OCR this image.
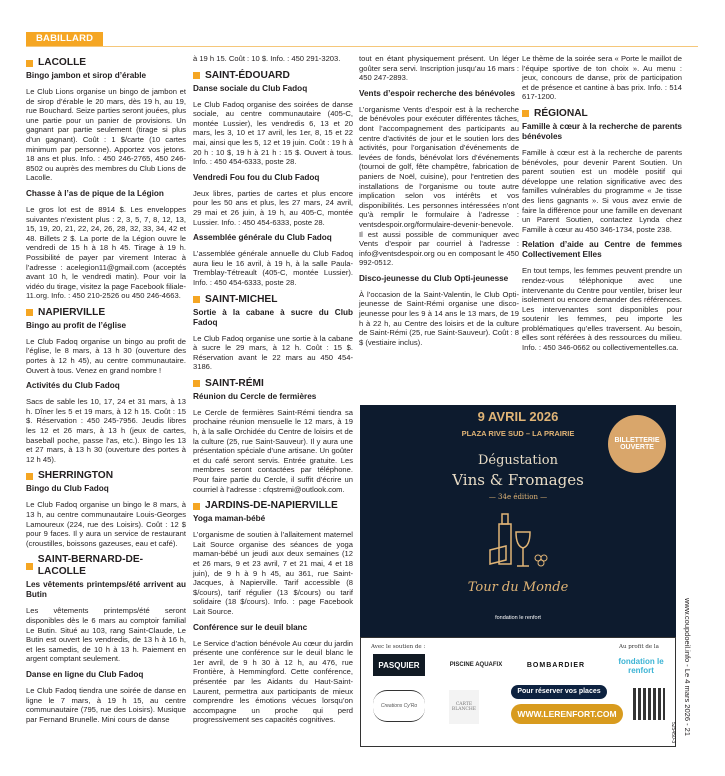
BABILLARD
LACOLLE

Bingo jambon et sirop d’érable

Le Club Lions organise un bingo de jambon et de sirop d’érable le 20 mars, dès 19 h, au 19, rue Bouchard. Seize parties seront jouées, plus une partie pour un panier de provisions. Un gagnant par partie seulement (tirage si plus d’un gagnant). Coût : 1 $/carte (10 cartes minimum par personne). Apportez vos jetons. 18 ans et plus. Info. : 450 246-2765, 450 246-8502 ou auprès des membres du Club Lions de Lacolle.

Chasse à l’as de pique de la Légion

Le gros lot est de 8914 $. Les enveloppes suivantes n’existent plus : 2, 3, 5, 7, 8, 12, 13, 15, 19, 20, 21, 22, 24, 26, 28, 32, 33, 34, 42 et 48. Billets 2 $. La porte de la Légion ouvre le vendredi de 15 h à 18 h 45. Tirage à 19 h. Possibilité de payer par virement Interac à l’adresse : acelegion11@gmail.com (acceptés avant 10 h, le vendredi matin). Pour voir la vidéo du tirage, visitez la page Facebook filiale-11.org. Info. : 450 210-2526 ou 450 246-4663.

NAPIERVILLE

Bingo au profit de l’église

Le Club Fadoq organise un bingo au profit de l’église, le 8 mars, à 13 h 30 (ouverture des portes à 12 h 45), au centre communautaire. Ouvert à tous. Venez en grand nombre !

Activités du Club Fadoq

Sacs de sable les 10, 17, 24 et 31 mars, à 13 h. Dîner les 5 et 19 mars, à 12 h 15. Coût : 15 $. Réservation : 450 245-7956. Jeudis libres les 12 et 26 mars, à 13 h (jeux de cartes, baseball poche, passe l’as, etc.). Bingo les 13 et 27 mars, à 13 h 30 (ouverture des portes à 12 h 45).

SHERRINGTON

Bingo du Club Fadoq

Le Club Fadoq organise un bingo le 8 mars, à 13 h, au centre communautaire Louis-Georges Lamoureux (224, rue des Loisirs). Coût : 12 $ pour 9 faces. Il y aura un service de restaurant (croustilles, boissons gazeuses, eau et café).

SAINT-BERNARD-DE-LACOLLE

Les vêtements printemps/été arrivent au Butin

Les vêtements printemps/été seront disponibles dès le 6 mars au comptoir familial Le Butin. Situé au 103, rang Saint-Claude, Le Butin est ouvert les vendredis, de 13 h à 16 h, et les samedis, de 10 h à 13 h. Paiement en argent comptant seulement.

Danse en ligne du Club Fadoq

Le Club Fadoq tiendra une soirée de danse en ligne le 7 mars, à 19 h 15, au centre communautaire (795, rue des Loisirs). Musique par Fernand Brunelle. Mini cours de danse

à 19 h 15. Coût : 10 $. Info. : 450 291-3203.

SAINT-ÉDOUARD

Danse sociale du Club Fadoq

Le Club Fadoq organise des soirées de danse sociale, au centre communautaire (405-C, montée Lussier), les vendredis 6, 13 et 20 mars, les 3, 10 et 17 avril, les 1er, 8, 15 et 22 mai, ainsi que les 5, 12 et 19 juin. Coût : 19 h à 20 h : 10 $, 19 h à 21 h : 15 $. Ouvert à tous. Info. : 450 454-6333, poste 28.

Vendredi Fou fou du Club Fadoq

Jeux libres, parties de cartes et plus encore pour les 50 ans et plus, les 27 mars, 24 avril, 29 mai et 26 juin, à 19 h, au 405-C, montée Lussier. Info. : 450 454-6333, poste 28.

Assemblée générale du Club Fadoq

L’assemblée générale annuelle du Club Fadoq aura lieu le 16 avril, à 19 h, à la salle Paula-Tremblay-Tétreault (405-C, montée Lussier). Info. : 450 454-6333, poste 28.

SAINT-MICHEL

Sortie à la cabane à sucre du Club Fadoq

Le Club Fadoq organise une sortie à la cabane à sucre le 29 mars, à 12 h. Coût : 15 $. Réservation avant le 22 mars au 450 454-3186.

SAINT-RÉMI

Réunion du Cercle de fermières

Le Cercle de fermières Saint-Rémi tiendra sa prochaine réunion mensuelle le 12 mars, à 19 h, à la salle Orchidée du Centre de loisirs et de la culture (25, rue Saint-Sauveur). Il y aura une présentation spéciale d’une artisane. Un goûter et du café seront servis. Entrée gratuite. Les membres seront contactées par téléphone. Pour faire partie du Cercle, il suffit d’écrire un courriel à l’adresse : cfqstremi@outlook.com.

JARDINS-DE-NAPIERVILLE

Yoga maman-bébé

L’organisme de soutien à l’allaitement maternel Lait Source organise des séances de yoga maman-bébé un jeudi aux deux semaines (12 et 26 mars, 9 et 23 avril, 7 et 21 mai, 4 et 18 juin), de 9 h à 9 h 45, au 361, rue Saint-Jacques, à Napierville. Tarif accessible (8 $/cours), tarif régulier (13 $/cours) ou tarif solidaire (18 $/cours). Info. : page Facebook Lait Source.

Conférence sur le deuil blanc

Le Service d’action bénévole Au cœur du jardin présente une conférence sur le deuil blanc le 1er avril, de 9 h 30 à 12 h, au 476, rue Frontière, à Hemmingford. Cette conférence, présentée par les Aidants du Haut-Saint-Laurent, permettra aux participants de mieux comprendre les émotions vécues lorsqu’on accompagne un proche qui perd progressivement ses capacités cognitives.

tout en étant physiquement présent. Un léger goûter sera servi. Inscription jusqu’au 16 mars : 450 247-2893.

Vents d’espoir recherche des bénévoles

L’organisme Vents d’espoir est à la recherche de bénévoles pour exécuter différentes tâches, dont l’accompagnement des participants au centre d’activités de jour et le soutien lors des activités, pour l’organisation d’événements de levées de fonds, bénévolat lors d’événements (tournoi de golf, fête champêtre, fabrication de paniers de Noël, cuisine), pour l’entretien des installations de l’organisme ou toute autre implication selon vos intérêts et vos disponibilités. Les personnes intéressées n’ont qu’à remplir le formulaire à l’adresse : ventsdespoir.org/formulaire-devenir-benevole. Il est aussi possible de communiquer avec Vents d’espoir par courriel à l’adresse : info@ventsdespoir.org ou en composant le 450 992-0512.

Disco-jeunesse du Club Opti-jeunesse

À l’occasion de la Saint-Valentin, le Club Opti-jeunesse de Saint-Rémi organise une disco-jeunesse pour les 9 à 14 ans le 13 mars, de 19 h à 22 h, au Centre des loisirs et de la culture de Saint-Rémi (25, rue Saint-Sauveur). Coût : 8 $ (vestiaire inclus).

Le thème de la soirée sera « Porte le maillot de l’équipe sportive de ton choix ». Au menu : jeux, concours de danse, prix de participation et de présence et cantine à bas prix. Info. : 514 617-1200.

RÉGIONAL

Famille à cœur à la recherche de parents bénévoles

Famille à cœur est à la recherche de parents bénévoles, pour devenir Parent Soutien. Un parent soutien est un modèle positif qui développe une relation significative avec des familles vulnérables du programme « Je tisse des liens gagnants ». Si vous avez envie de faire la différence pour une famille en devenant un Parent Soutien, contactez Lynda chez Famille à cœur au 450 346-1734, poste 238.

Relation d’aide au Centre de femmes Collectivement Elles

En tout temps, les femmes peuvent prendre un rendez-vous téléphonique avec une intervenante du Centre pour ventiler, briser leur isolement ou encore demander des références. Les intervenantes sont disponibles pour soutenir les femmes, peu importe les problématiques qu’elles traversent. Au besoin, elles sont référées à des ressources du milieu. Info. : 450 346-0662 ou collectivementelles.ca.

9 AVRIL 2026
PLAZA RIVE SUD – LA PRAIRIE
BILLETTERIE
OUVERTE
Dégustation
Vins & Fromages
— 34e édition —
Tour du Monde
fondation le renfort
Avec le soutien de :	Au profit de la
PASQUIER	PISCINE AQUAFIX	BOMBARDIER	fondation le renfort
Creations Cy'Ro	CARTE BLANCHE
Pour réserver vos places
WWW.LERENFORT.COM	www.coupdoeil.info - Le 4 mars 2026 - 21
525450-3
